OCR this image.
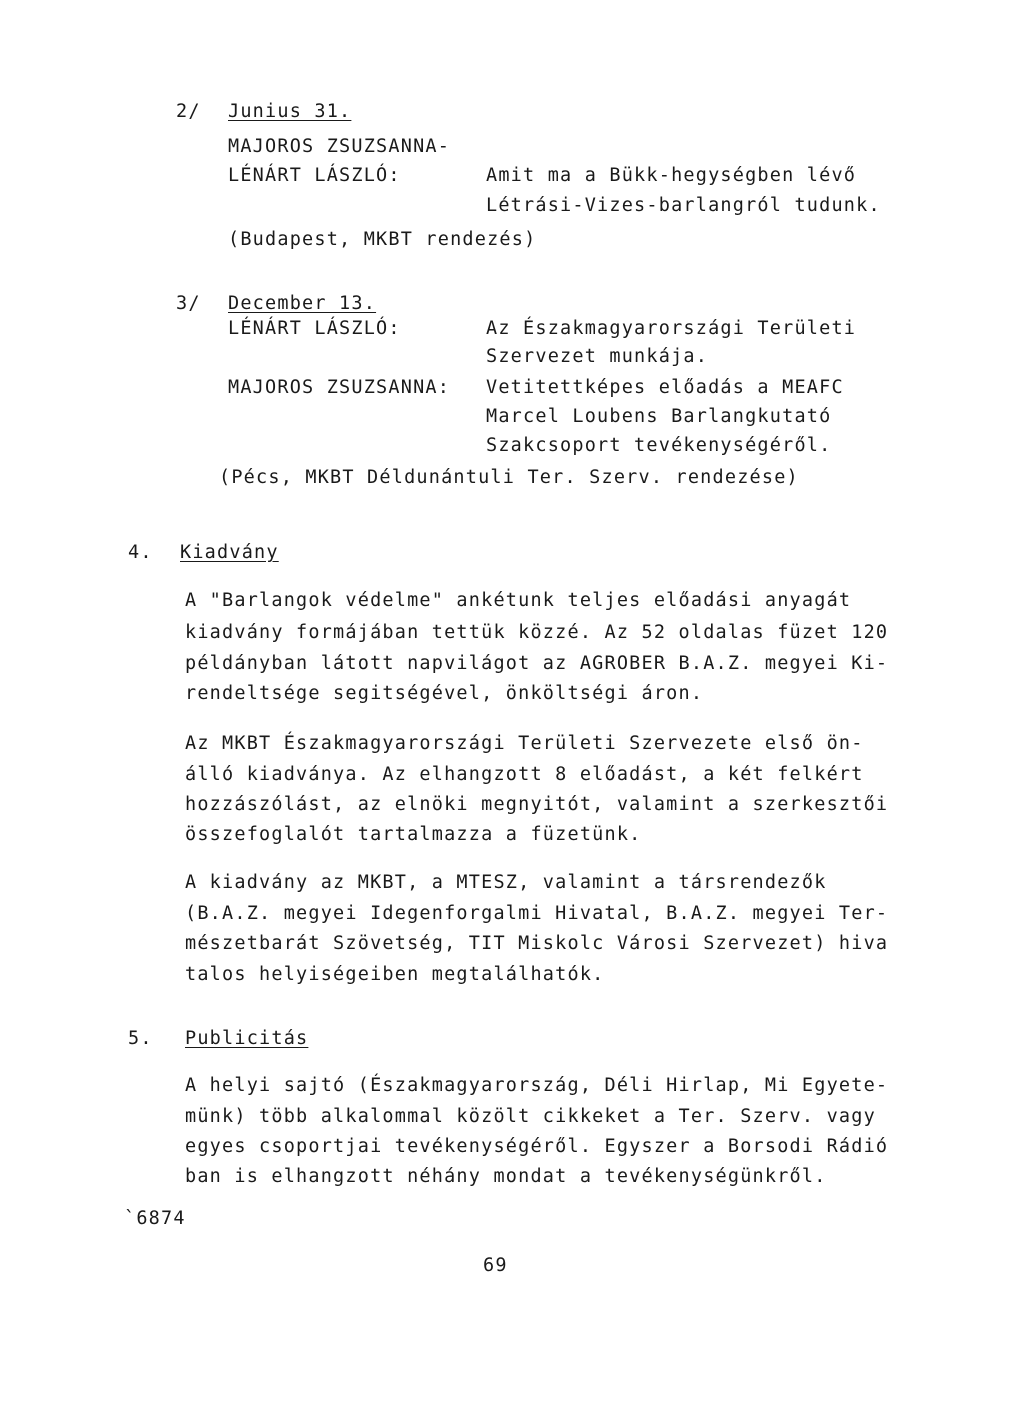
2/ Junius 31.
MAJOROS ZSUZSANNA-
LÉNÁRT LÁSZLÓ:	Amit ma a Bükk-hegységben lévő
Létrási-Vizes-barlangról tudunk.
(Budapest, MKBT rendezés)
3/ December 13.
LÉNÁRT LÁSZLÓ:	Az Északmagyarországi Területi
Szervezet munkája.
MAJOROS ZSUZSANNA: Vetitettképes előadás a MEAFC
Marcel Loubens Barlangkutató
Szakcsoport tevékenységéről.
(Pécs, MKBT Déldunántuli Ter. Szerv. rendezése)
4. Kiadvány
A "Barlangok védelme" ankétunk teljes előadási anyagát
kiadvány formájában tettük közzé. Az 52 oldalas füzet 120
példányban látott napvilágot az AGROBER B.A.Z. megyei Ki-
rendeltsége segitségével, önköltségi áron.
Az MKBT Északmagyarországi Területi Szervezete első ön-
álló kiadványa. Az elhangzott 8 előadást, a két felkért
hozzászólást, az elnöki megnyitót, valamint a szerkesztői
összefoglalót tartalmazza a füzetünk.
A kiadvány az MKBT, a MTESZ, valamint a társrendezők
(B.A.Z. megyei Idegenforgalmi Hivatal, B.A.Z. megyei Ter-
mészetbarát Szövetség, TIT Miskolc Városi Szervezet) hiva
talos helyiségeiben megtalálhatók.
5. Publicitás
A helyi sajtó (Északmagyarország, Déli Hirlap, Mi Egyete-
münk) több alkalommal közölt cikkeket a Ter. Szerv. vagy
egyes csoportjai tevékenységéről. Egyszer a Borsodi Rádió
ban is elhangzott néhány mondat a tevékenységünkről.
`6874
69
